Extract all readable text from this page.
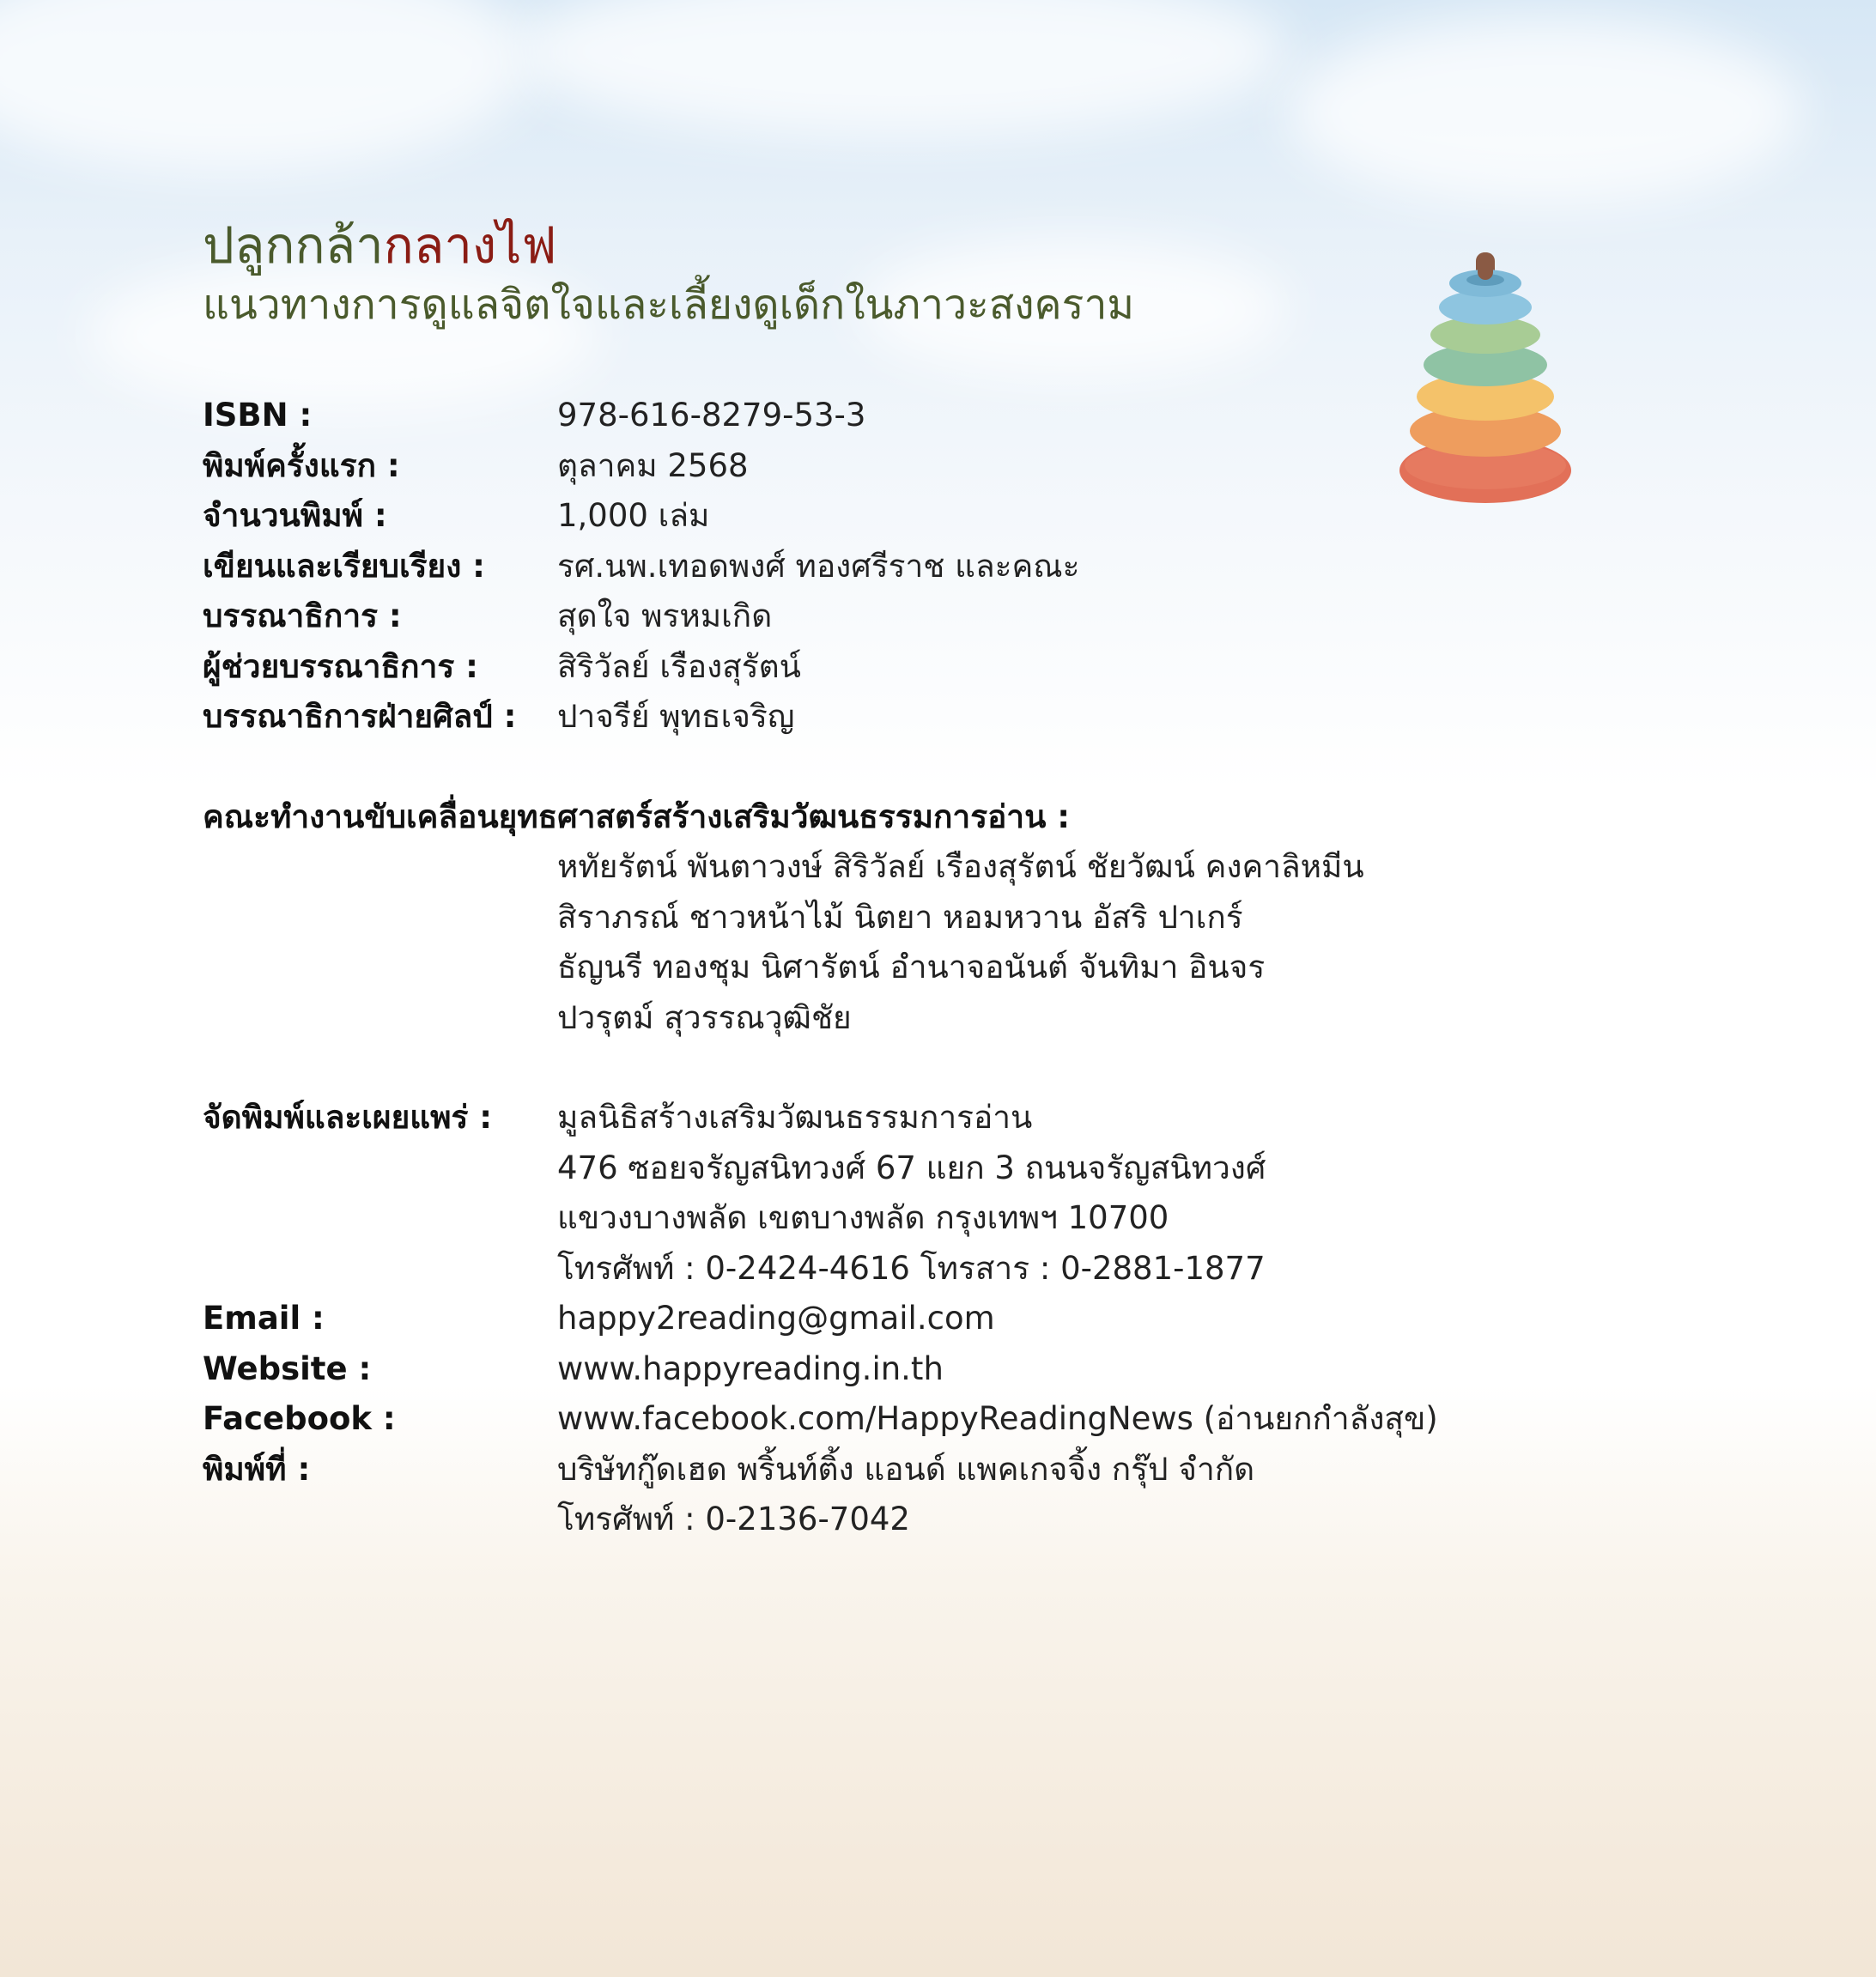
ปลูกกล้ากลางไฟ
แนวทางการดูแลจิตใจและเลี้ยงดูเด็กในภาวะสงคราม
ISBN :	978-616-8279-53-3
พิมพ์ครั้งแรก :	ตุลาคม 2568
จำนวนพิมพ์ :	1,000 เล่ม
เขียนและเรียบเรียง :	รศ.นพ.เทอดพงศ์ ทองศรีราช และคณะ
บรรณาธิการ :	สุดใจ พรหมเกิด
ผู้ช่วยบรรณาธิการ :	สิริวัลย์ เรืองสุรัตน์
บรรณาธิการฝ่ายศิลป์ :	ปาจรีย์ พุทธเจริญ
คณะทำงานขับเคลื่อนยุทธศาสตร์สร้างเสริมวัฒนธรรมการอ่าน :
หทัยรัตน์ พันตาวงษ์ สิริวัลย์ เรืองสุรัตน์ ชัยวัฒน์ คงคาลิหมีน
สิราภรณ์ ชาวหน้าไม้ นิตยา หอมหวาน อัสริ ปาเกร์
ธัญนรี ทองชุม นิศารัตน์ อำนาจอนันต์ จันทิมา อินจร
ปวรุตม์ สุวรรณวุฒิชัย
จัดพิมพ์และเผยแพร่ :	มูลนิธิสร้างเสริมวัฒนธรรมการอ่าน
476 ซอยจรัญสนิทวงศ์ 67 แยก 3 ถนนจรัญสนิทวงศ์
แขวงบางพลัด เขตบางพลัด กรุงเทพฯ 10700
โทรศัพท์ : 0-2424-4616 โทรสาร : 0-2881-1877
Email :	happy2reading@gmail.com
Website :	www.happyreading.in.th
Facebook :	www.facebook.com/HappyReadingNews (อ่านยกกำลังสุข)
พิมพ์ที่ :	บริษัทกู๊ดเฮด พริ้นท์ติ้ง แอนด์ แพคเกจจิ้ง กรุ๊ป จำกัด
โทรศัพท์ : 0-2136-7042
